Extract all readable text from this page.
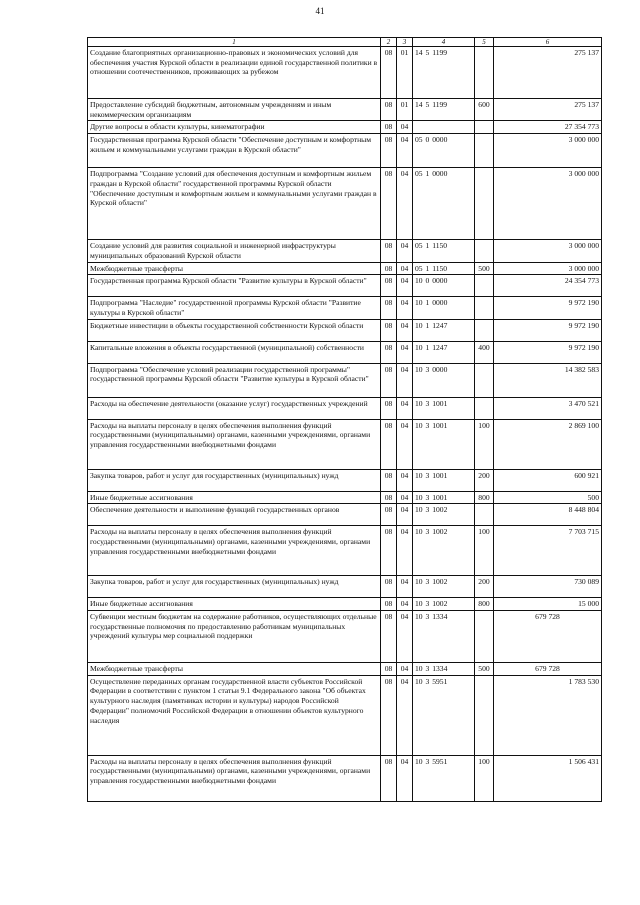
41
1	2	3	4	5	6
Создание благоприятных организационно-правовых и экономических условий для обеспечения участия Курской области в реализации единой государственной политики в отношении соотечественников, проживающих за рубежом	08	01	14 5 1199		275 137
Предоставление субсидий бюджетным, автономным учреждениям и иным некоммерческим организациям	08	01	14 5 1199	600	275 137
Другие вопросы в области культуры, кинематографии	08	04			27 354 773
Государственная программа Курской области "Обеспечение доступным и комфортным жильем и коммунальными услугами граждан в Курской области"	08	04	05 0 0000		3 000 000
Подпрограмма "Создание условий для обеспечения доступным и комфортным жильем граждан в Курской области" государственной программы Курской области "Обеспечение доступным и комфортным жильем и коммунальными услугами граждан в Курской области"	08	04	05 1 0000		3 000 000
Создание условий для развития социальной и инженерной инфраструктуры муниципальных образований Курской области	08	04	05 1 1150		3 000 000
Межбюджетные трансферты	08	04	05 1 1150	500	3 000 000
Государственная программа Курской области "Развитие культуры в Курской области"	08	04	10 0 0000		24 354 773
Подпрограмма "Наследие" государственной программы Курской области "Развитие культуры в Курской области"	08	04	10 1 0000		9 972 190
Бюджетные инвестиции в объекты государственной собственности Курской области	08	04	10 1 1247		9 972 190
Капитальные вложения в объекты государственной (муниципальной) собственности	08	04	10 1 1247	400	9 972 190
Подпрограмма "Обеспечение условий реализации государственной программы" государственной программы Курской области "Развитие культуры в Курской области"	08	04	10 3 0000		14 382 583
Расходы на обеспечение деятельности (оказание услуг) государственных учреждений	08	04	10 3 1001		3 470 521
Расходы на выплаты персоналу в целях обеспечения выполнения функций государственными (муниципальными) органами, казенными учреждениями, органами управления государственными внебюджетными фондами	08	04	10 3 1001	100	2 869 100
Закупка товаров, работ и услуг для государственных (муниципальных) нужд	08	04	10 3 1001	200	600 921
Иные бюджетные ассигнования	08	04	10 3 1001	800	500
Обеспечение деятельности и выполнение функций государственных органов	08	04	10 3 1002		8 448 804
Расходы на выплаты персоналу в целях обеспечения выполнения функций государственными (муниципальными) органами, казенными учреждениями, органами управления государственными внебюджетными фондами	08	04	10 3 1002	100	7 703 715
Закупка товаров, работ и услуг для государственных (муниципальных) нужд	08	04	10 3 1002	200	730 089
Иные бюджетные ассигнования	08	04	10 3 1002	800	15 000
Субвенции местным бюджетам на содержание работников, осуществляющих отдельные государственные полномочия по предоставлению работникам муниципальных учреждений культуры мер социальной поддержки	08	04	10 3 1334		679 728
Межбюджетные трансферты	08	04	10 3 1334	500	679 728
Осуществление переданных органам государственной власти субъектов Российской Федерации в соответствии с пунктом 1 статьи 9.1 Федерального закона "Об объектах культурного наследия (памятниках истории и культуры) народов Российской Федерации" полномочий Российской Федерации в отношении объектов культурного наследия	08	04	10 3 5951		1 783 530
Расходы на выплаты персоналу в целях обеспечения выполнения функций государственными (муниципальными) органами, казенными учреждениями, органами управления государственными внебюджетными фондами	08	04	10 3 5951	100	1 506 431
